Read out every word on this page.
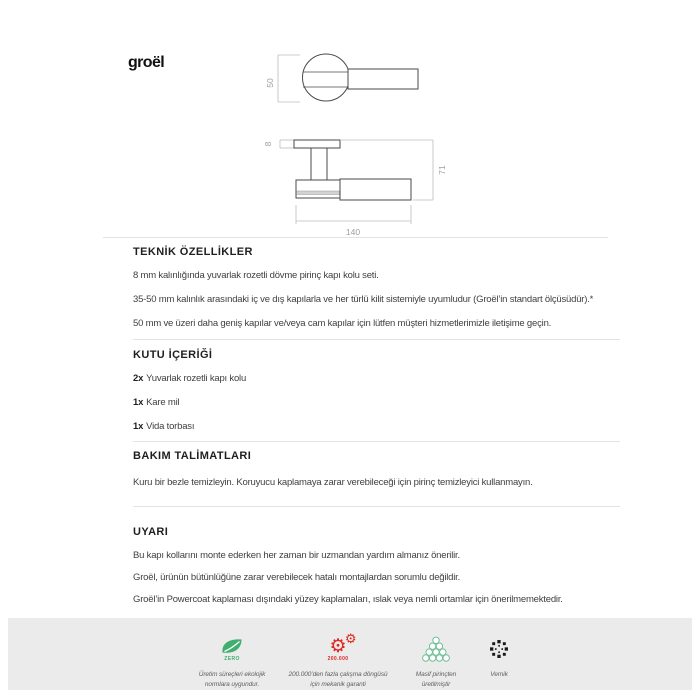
groël
50
8
140
71
TEKNİK ÖZELLİKLER
8 mm kalınlığında yuvarlak rozetli dövme pirinç kapı kolu seti.
35-50 mm kalınlık arasındaki iç ve dış kapılarla ve her türlü kilit sistemiyle uyumludur (Groël’in standart ölçüsüdür).*
50 mm ve üzeri daha geniş kapılar ve/veya cam kapılar için lütfen müşteri hizmetlerimizle iletişime geçin.
KUTU İÇERİĞİ
2x Yuvarlak rozetli kapı kolu
1x Kare mil
1x Vida torbası
BAKIM TALİMATLARI
Kuru bir bezle temizleyin. Koruyucu kaplamaya zarar verebileceği için pirinç temizleyici kullanmayın.
UYARI
Bu kapı kollarını monte ederken her zaman bir uzmandan yardım almanız önerilir.
Groël, ürünün bütünlüğüne zarar verebilecek hatalı montajlardan sorumlu değildir.
Groël’in Powercoat kaplaması dışındaki yüzey kaplamaları, ıslak veya nemli ortamlar için önerilmemektedir.
ZERO
Üretim süreçleri ekolojik normlara uygundur.
⚙
⚙
200.000
200.000’den fazla çalışma döngüsü için mekanik garanti
Masif pirinçten üretilmiştir
Vernik
